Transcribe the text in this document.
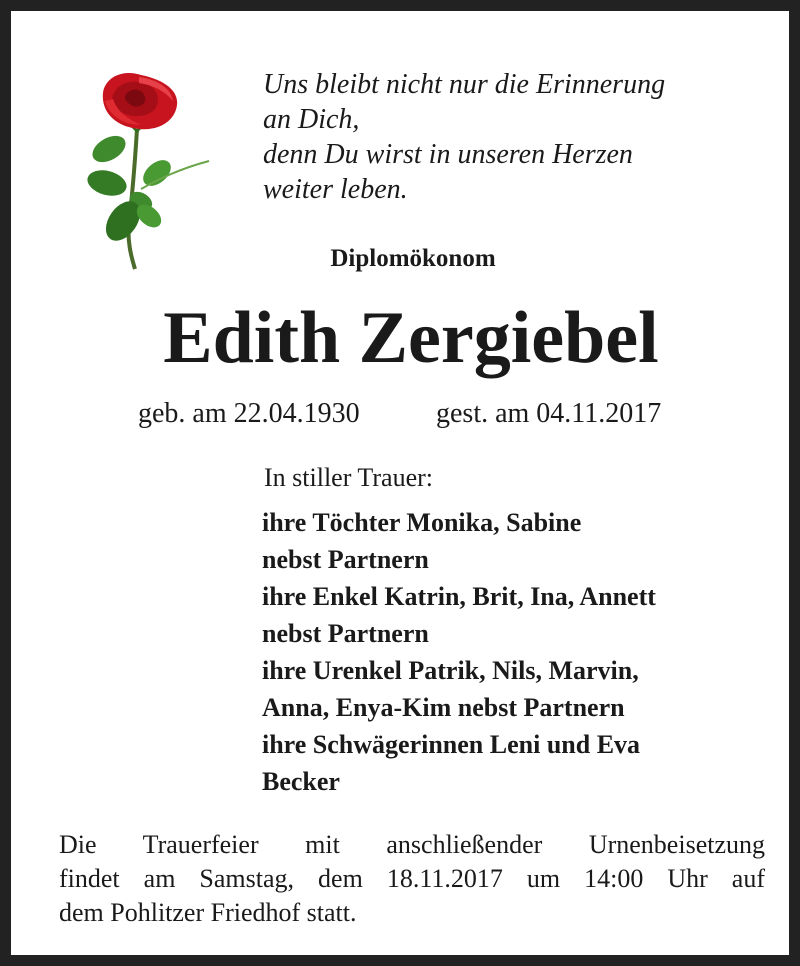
Uns bleibt nicht nur die Erinnerung
an Dich,
denn Du wirst in unseren Herzen
weiter leben.
Diplomökonom
Edith Zergiebel
geb. am 22.04.1930	gest. am 04.11.2017
In stiller Trauer:
ihre Töchter Monika, Sabine
nebst Partnern
ihre Enkel Katrin, Brit, Ina, Annett
nebst Partnern
ihre Urenkel Patrik, Nils, Marvin,
Anna, Enya-Kim nebst Partnern
ihre Schwägerinnen Leni und Eva
Becker
Die Trauerfeier mit anschließender Urnenbeisetzung
findet am Samstag, dem 18.11.2017 um 14:00 Uhr auf
dem Pohlitzer Friedhof statt.
